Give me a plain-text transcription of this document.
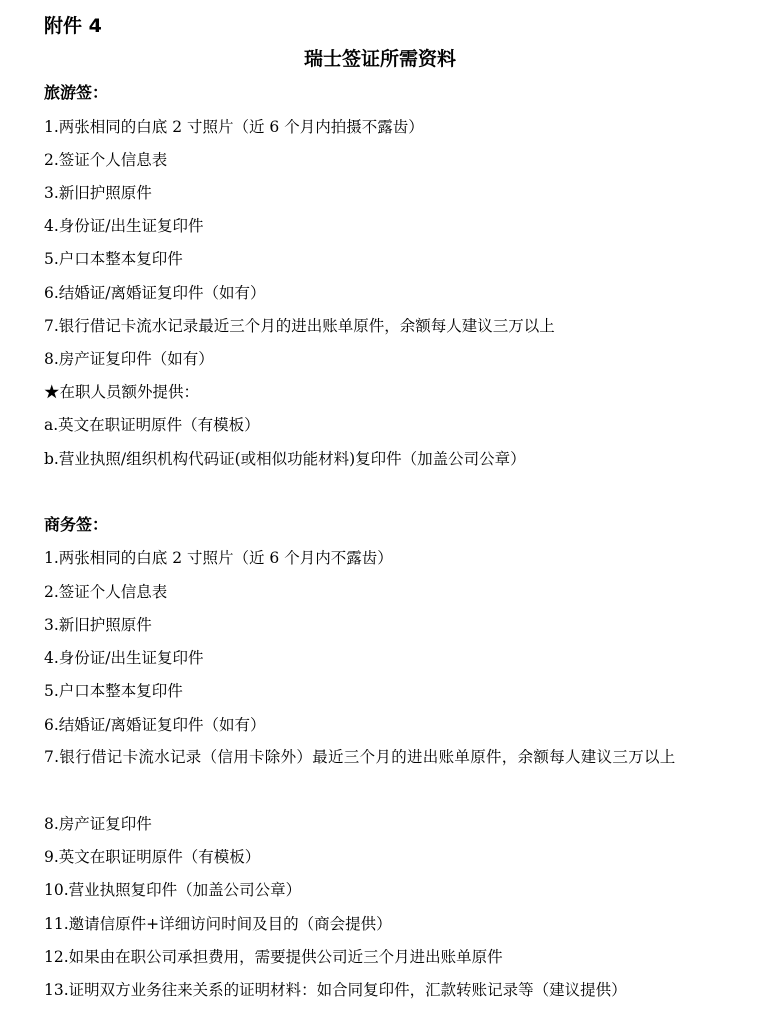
附件 4
瑞士签证所需资料
旅游签：
1.两张相同的白底 2 寸照片（近 6 个月内拍摄不露齿）
2.签证个人信息表
3.新旧护照原件
4.身份证/出生证复印件
5.户口本整本复印件
6.结婚证/离婚证复印件（如有）
7.银行借记卡流水记录最近三个月的进出账单原件，余额每人建议三万以上
8.房产证复印件（如有）
★在职人员额外提供：
a.英文在职证明原件（有模板）
b.营业执照/组织机构代码证(或相似功能材料)复印件（加盖公司公章）
商务签：
1.两张相同的白底 2 寸照片（近 6 个月内不露齿）
2.签证个人信息表
3.新旧护照原件
4.身份证/出生证复印件
5.户口本整本复印件
6.结婚证/离婚证复印件（如有）
7.银行借记卡流水记录（信用卡除外）最近三个月的进出账单原件，余额每人建议三万以上
8.房产证复印件
9.英文在职证明原件（有模板）
10.营业执照复印件（加盖公司公章）
11.邀请信原件+详细访问时间及目的（商会提供）
12.如果由在职公司承担费用，需要提供公司近三个月进出账单原件
13.证明双方业务往来关系的证明材料：如合同复印件，汇款转账记录等（建议提供）
